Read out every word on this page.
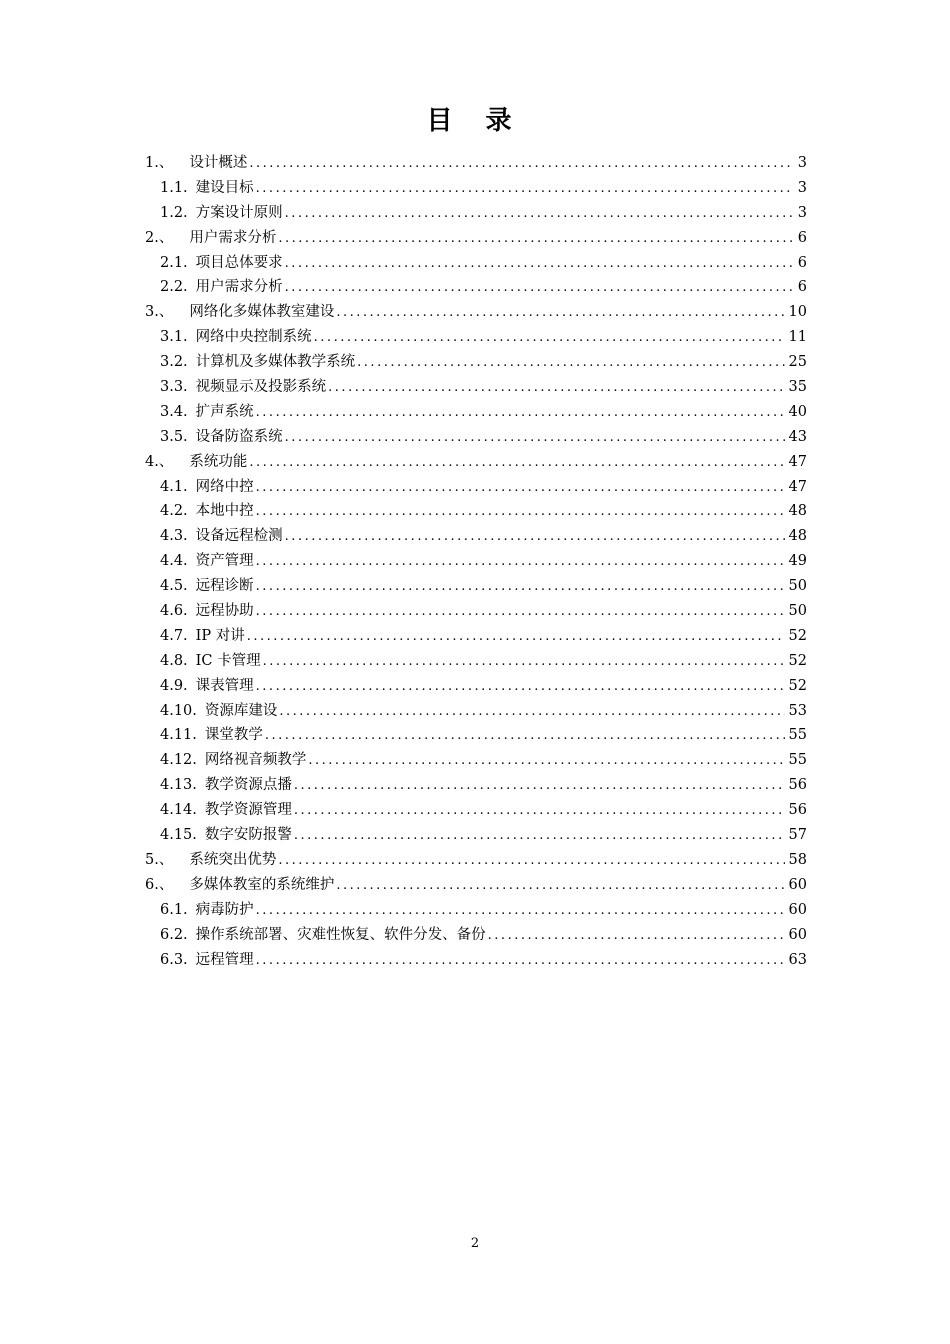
目 录
1.、 设计概述 .....	3
1.1. 建设目标 .....	3
1.2. 方案设计原则 .....	3
2.、 用户需求分析 .....	6
2.1. 项目总体要求 .....	6
2.2. 用户需求分析 .....	6
3.、 网络化多媒体教室建设 .....	10
3.1. 网络中央控制系统 .....	11
3.2. 计算机及多媒体教学系统 .....	25
3.3. 视频显示及投影系统 .....	35
3.4. 扩声系统 .....	40
3.5. 设备防盗系统 .....	43
4.、 系统功能 .....	47
4.1. 网络中控 .....	47
4.2. 本地中控 .....	48
4.3. 设备远程检测 .....	48
4.4. 资产管理 .....	49
4.5. 远程诊断 .....	50
4.6. 远程协助 .....	50
4.7. IP 对讲 .....	52
4.8. IC 卡管理 .....	52
4.9. 课表管理 .....	52
4.10. 资源库建设 .....	53
4.11. 课堂教学 .....	55
4.12. 网络视音频教学 .....	55
4.13. 教学资源点播 .....	56
4.14. 教学资源管理 .....	56
4.15. 数字安防报警 .....	57
5.、 系统突出优势 .....	58
6.、 多媒体教室的系统维护 .....	60
6.1. 病毒防护 .....	60
6.2. 操作系统部署、灾难性恢复、软件分发、备份 .....	60
6.3. 远程管理 .....	63
2
